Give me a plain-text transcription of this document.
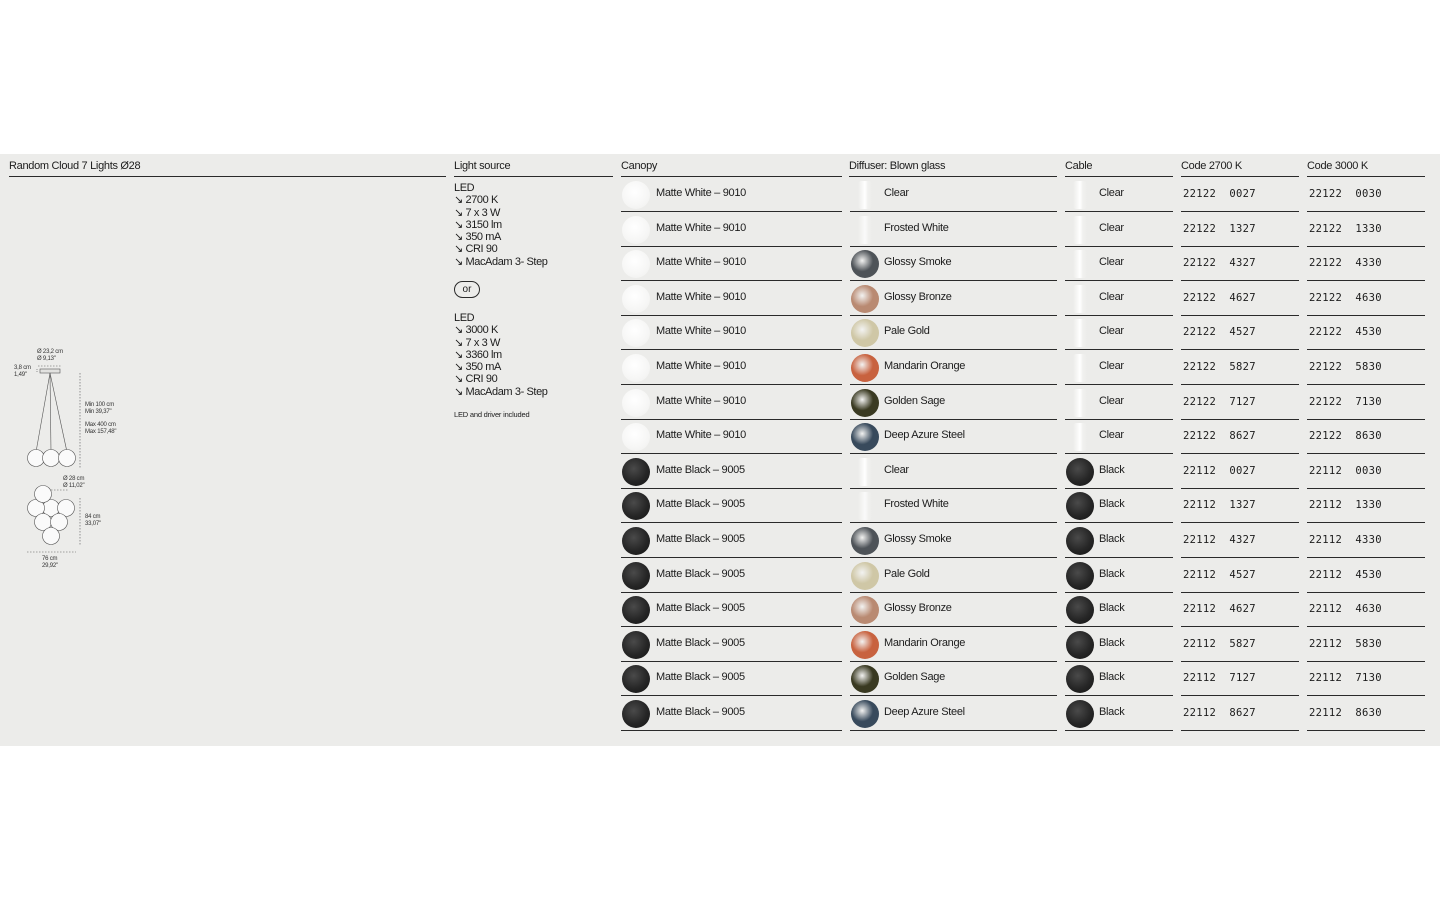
Random Cloud 7 Lights Ø28	Light source	Canopy	Diffuser: Blown glass	Cable	Code 2700 K	Code 3000 K
LED
↘ 2700 K
↘ 7 x 3 W
↘ 3150 lm
↘ 350 mA
↘ CRI 90
↘ MacAdam 3- Step
or
LED
↘ 3000 K
↘ 7 x 3 W
↘ 3360 lm
↘ 350 mA
↘ CRI 90
↘ MacAdam 3- Step
LED and driver included
Ø 23,2 cm
Ø 9,13"
3,8 cm
1,49"
Min 100 cm
Min 39,37"
Max 400 cm
Max 157,48"
Ø 28 cm
Ø 11,02"
84 cm
33,07"
76 cm
29,92"
Matte White – 9010	Clear	Clear	22122  0027	22122  0030
Matte White – 9010	Frosted White	Clear	22122  1327	22122  1330
Matte White – 9010	Glossy Smoke	Clear	22122  4327	22122  4330
Matte White – 9010	Glossy Bronze	Clear	22122  4627	22122  4630
Matte White – 9010	Pale Gold	Clear	22122  4527	22122  4530
Matte White – 9010	Mandarin Orange	Clear	22122  5827	22122  5830
Matte White – 9010	Golden Sage	Clear	22122  7127	22122  7130
Matte White – 9010	Deep Azure Steel	Clear	22122  8627	22122  8630
Matte Black – 9005	Clear	Black	22112  0027	22112  0030
Matte Black – 9005	Frosted White	Black	22112  1327	22112  1330
Matte Black – 9005	Glossy Smoke	Black	22112  4327	22112  4330
Matte Black – 9005	Pale Gold	Black	22112  4527	22112  4530
Matte Black – 9005	Glossy Bronze	Black	22112  4627	22112  4630
Matte Black – 9005	Mandarin Orange	Black	22112  5827	22112  5830
Matte Black – 9005	Golden Sage	Black	22112  7127	22112  7130
Matte Black – 9005	Deep Azure Steel	Black	22112  8627	22112  8630
